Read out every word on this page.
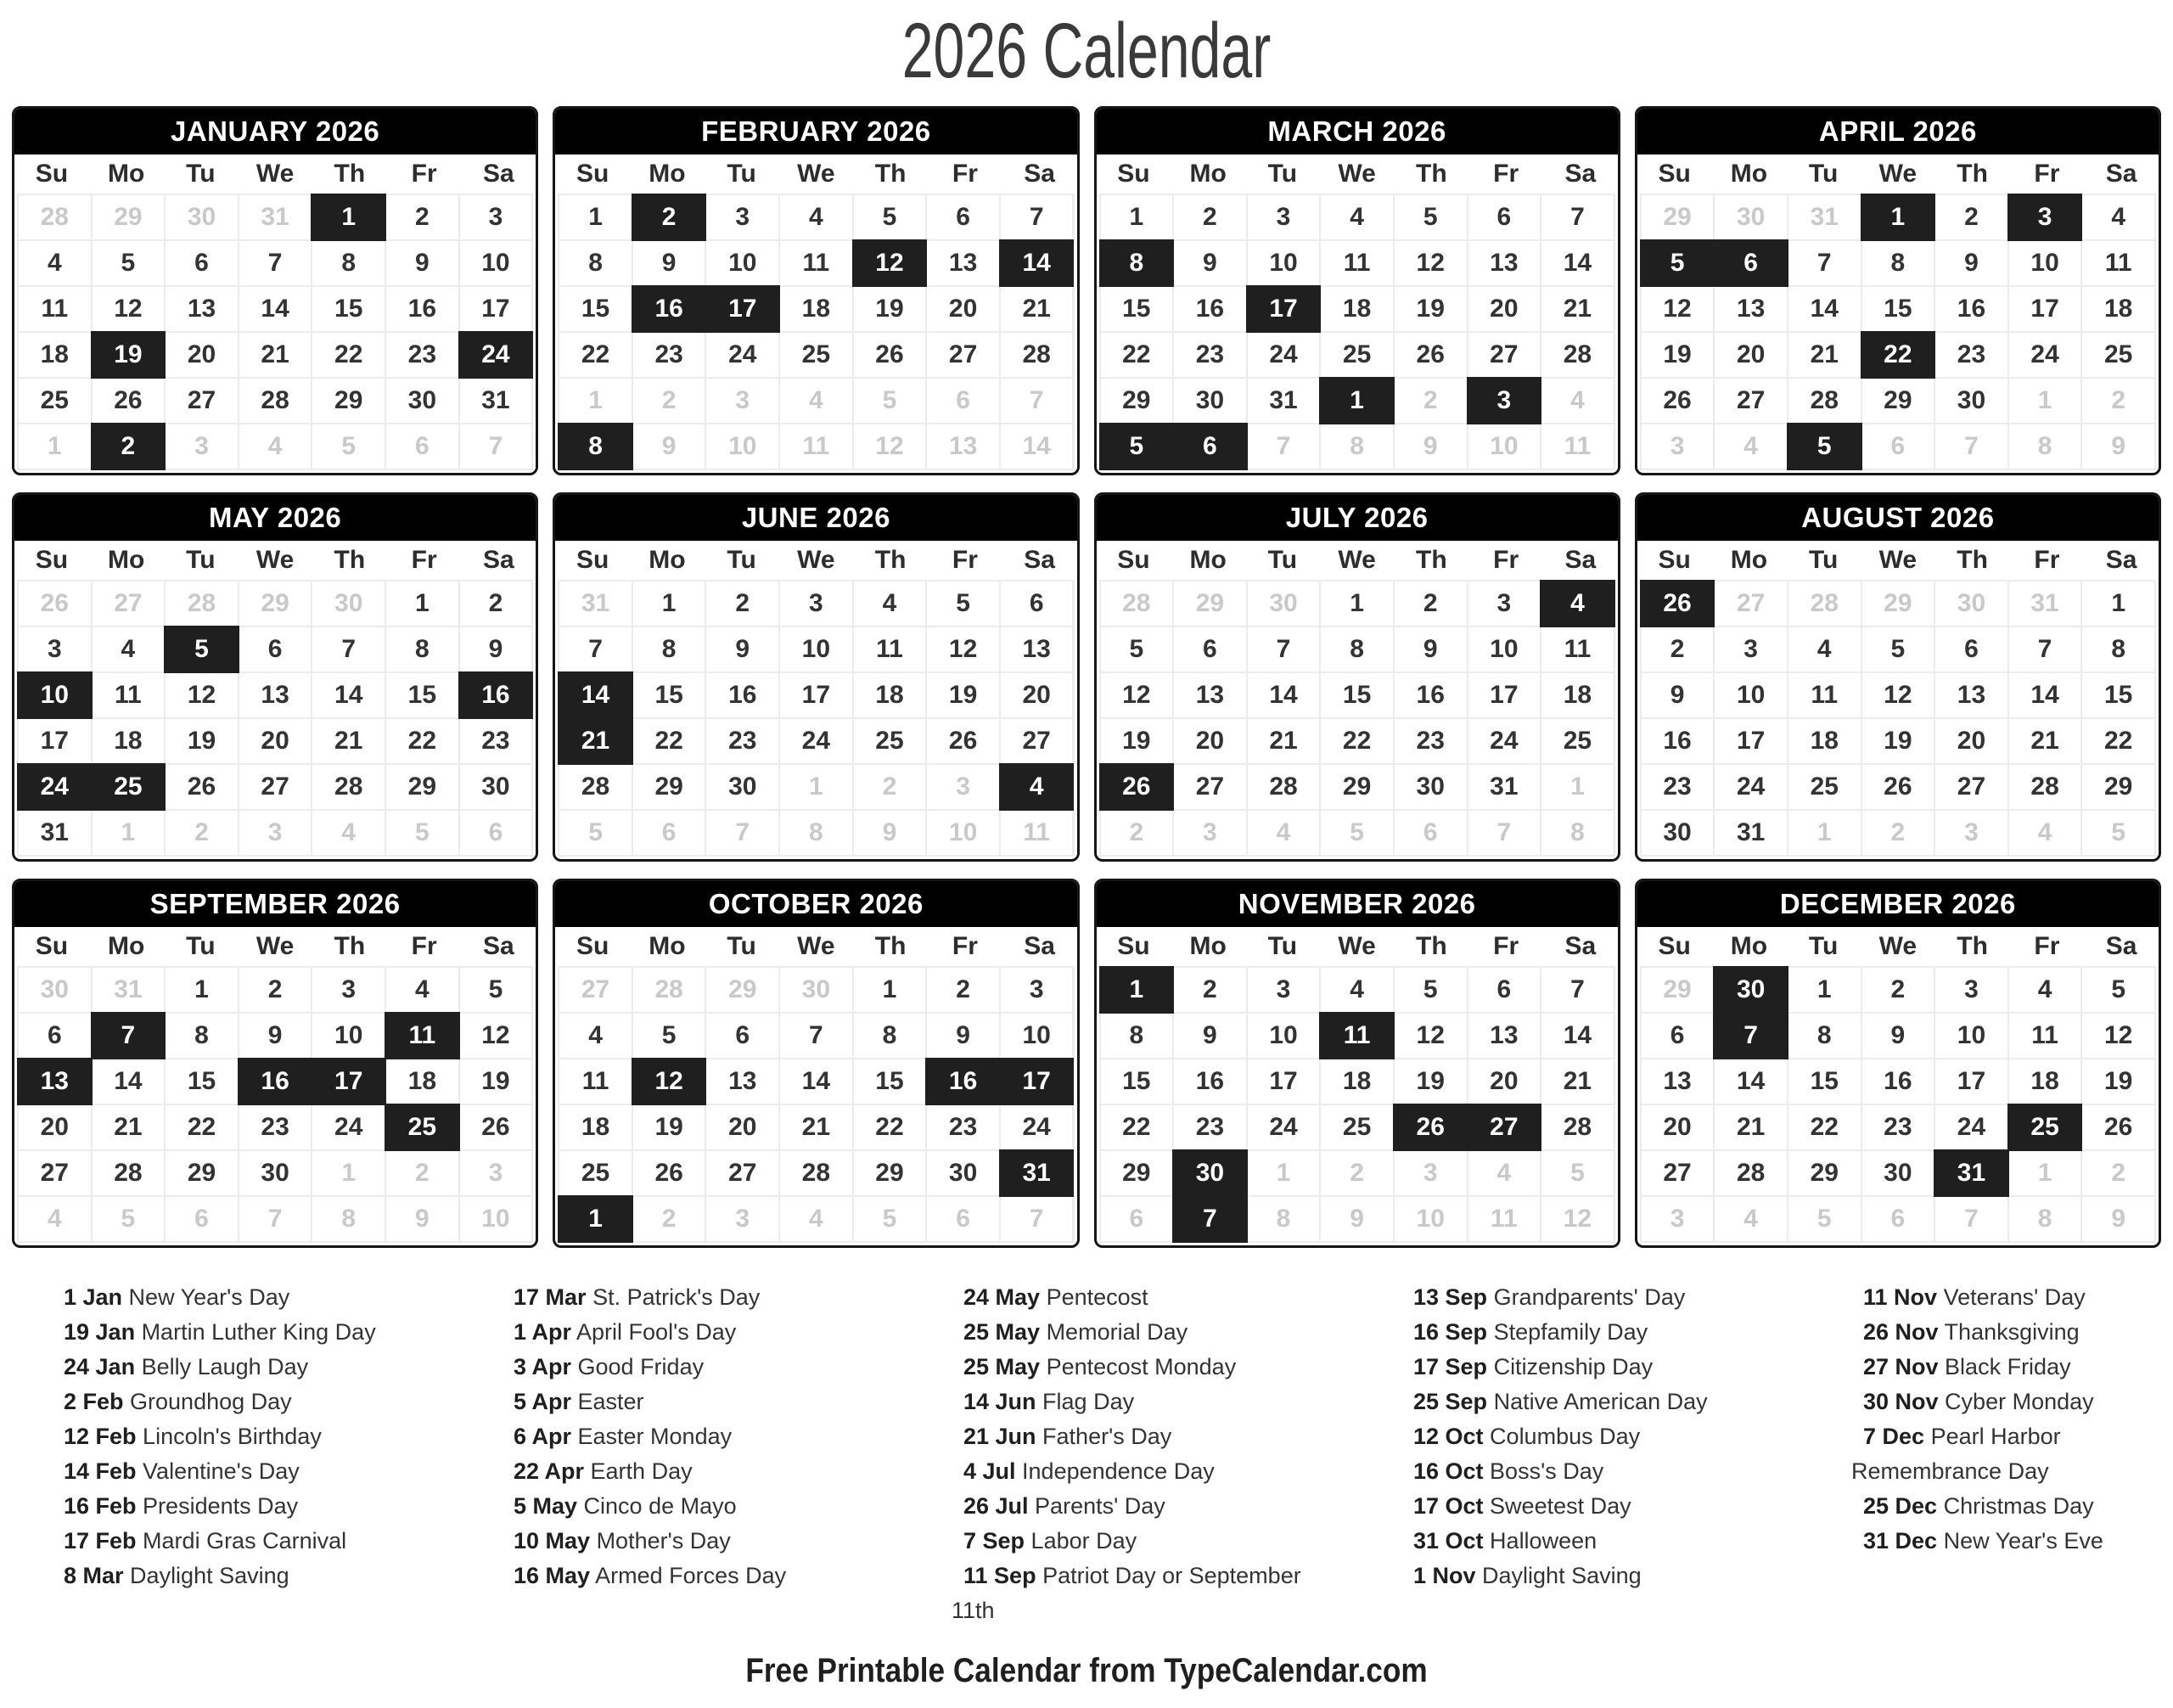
2026 Calendar
JANUARY 2026
Su	Mo	Tu	We	Th	Fr	Sa
28	29	30	31	1	2	3
4	5	6	7	8	9	10
11	12	13	14	15	16	17
18	19	20	21	22	23	24
25	26	27	28	29	30	31
1	2	3	4	5	6	7
FEBRUARY 2026
Su	Mo	Tu	We	Th	Fr	Sa
1	2	3	4	5	6	7
8	9	10	11	12	13	14
15	16	17	18	19	20	21
22	23	24	25	26	27	28
1	2	3	4	5	6	7
8	9	10	11	12	13	14
MARCH 2026
Su	Mo	Tu	We	Th	Fr	Sa
1	2	3	4	5	6	7
8	9	10	11	12	13	14
15	16	17	18	19	20	21
22	23	24	25	26	27	28
29	30	31	1	2	3	4
5	6	7	8	9	10	11
APRIL 2026
Su	Mo	Tu	We	Th	Fr	Sa
29	30	31	1	2	3	4
5	6	7	8	9	10	11
12	13	14	15	16	17	18
19	20	21	22	23	24	25
26	27	28	29	30	1	2
3	4	5	6	7	8	9
MAY 2026
Su	Mo	Tu	We	Th	Fr	Sa
26	27	28	29	30	1	2
3	4	5	6	7	8	9
10	11	12	13	14	15	16
17	18	19	20	21	22	23
24	25	26	27	28	29	30
31	1	2	3	4	5	6
JUNE 2026
Su	Mo	Tu	We	Th	Fr	Sa
31	1	2	3	4	5	6
7	8	9	10	11	12	13
14	15	16	17	18	19	20
21	22	23	24	25	26	27
28	29	30	1	2	3	4
5	6	7	8	9	10	11
JULY 2026
Su	Mo	Tu	We	Th	Fr	Sa
28	29	30	1	2	3	4
5	6	7	8	9	10	11
12	13	14	15	16	17	18
19	20	21	22	23	24	25
26	27	28	29	30	31	1
2	3	4	5	6	7	8
AUGUST 2026
Su	Mo	Tu	We	Th	Fr	Sa
26	27	28	29	30	31	1
2	3	4	5	6	7	8
9	10	11	12	13	14	15
16	17	18	19	20	21	22
23	24	25	26	27	28	29
30	31	1	2	3	4	5
SEPTEMBER 2026
Su	Mo	Tu	We	Th	Fr	Sa
30	31	1	2	3	4	5
6	7	8	9	10	11	12
13	14	15	16	17	18	19
20	21	22	23	24	25	26
27	28	29	30	1	2	3
4	5	6	7	8	9	10
OCTOBER 2026
Su	Mo	Tu	We	Th	Fr	Sa
27	28	29	30	1	2	3
4	5	6	7	8	9	10
11	12	13	14	15	16	17
18	19	20	21	22	23	24
25	26	27	28	29	30	31
1	2	3	4	5	6	7
NOVEMBER 2026
Su	Mo	Tu	We	Th	Fr	Sa
1	2	3	4	5	6	7
8	9	10	11	12	13	14
15	16	17	18	19	20	21
22	23	24	25	26	27	28
29	30	1	2	3	4	5
6	7	8	9	10	11	12
DECEMBER 2026
Su	Mo	Tu	We	Th	Fr	Sa
29	30	1	2	3	4	5
6	7	8	9	10	11	12
13	14	15	16	17	18	19
20	21	22	23	24	25	26
27	28	29	30	31	1	2
3	4	5	6	7	8	9

1 Jan New Year's Day

19 Jan Martin Luther King Day

24 Jan Belly Laugh Day

2 Feb Groundhog Day

12 Feb Lincoln's Birthday

14 Feb Valentine's Day

16 Feb Presidents Day

17 Feb Mardi Gras Carnival

8 Mar Daylight Saving

17 Mar St. Patrick's Day

1 Apr April Fool's Day

3 Apr Good Friday

5 Apr Easter

6 Apr Easter Monday

22 Apr Earth Day

5 May Cinco de Mayo

10 May Mother's Day

16 May Armed Forces Day

24 May Pentecost

25 May Memorial Day

25 May Pentecost Monday

14 Jun Flag Day

21 Jun Father's Day

4 Jul Independence Day

26 Jul Parents' Day

7 Sep Labor Day

11 Sep Patriot Day or September 11th

13 Sep Grandparents' Day

16 Sep Stepfamily Day

17 Sep Citizenship Day

25 Sep Native American Day

12 Oct Columbus Day

16 Oct Boss's Day

17 Oct Sweetest Day

31 Oct Halloween

1 Nov Daylight Saving

11 Nov Veterans' Day

26 Nov Thanksgiving

27 Nov Black Friday

30 Nov Cyber Monday

7 Dec Pearl Harbor Remembrance Day

25 Dec Christmas Day

31 Dec New Year's Eve

Free Printable Calendar from TypeCalendar.com
